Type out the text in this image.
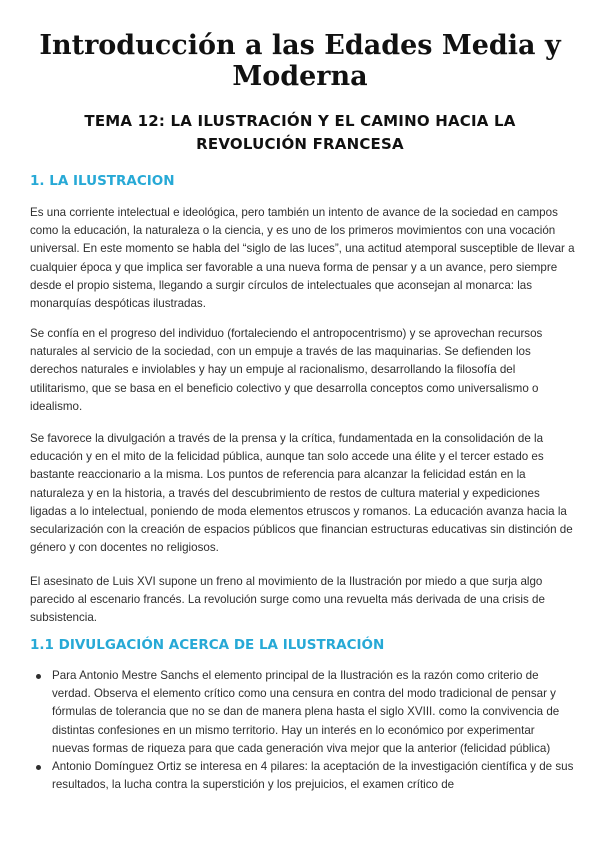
Introducción a las Edades Media y Moderna
TEMA 12: LA ILUSTRACIÓN Y EL CAMINO HACIA LA REVOLUCIÓN FRANCESA
1. LA ILUSTRACION

Es una corriente intelectual e ideológica, pero también un intento de avance de la sociedad en campos como la educación, la naturaleza o la ciencia, y es uno de los primeros movimientos con una vocación universal. En este momento se habla del “siglo de las luces”, una actitud atemporal susceptible de llevar a cualquier época y que implica ser favorable a una nueva forma de pensar y a un avance, pero siempre desde el propio sistema, llegando a surgir círculos de intelectuales que aconsejan al monarca: las monarquías despóticas ilustradas.

Se confía en el progreso del individuo (fortaleciendo el antropocentrismo) y se aprovechan recursos naturales al servicio de la sociedad, con un empuje a través de las maquinarias. Se defienden los derechos naturales e inviolables y hay un empuje al racionalismo, desarrollando la filosofía del utilitarismo, que se basa en el beneficio colectivo y que desarrolla conceptos como universalismo o idealismo.

Se favorece la divulgación a través de la prensa y la crítica, fundamentada en la consolidación de la educación y en el mito de la felicidad pública, aunque tan solo accede una élite y el tercer estado es bastante reaccionario a la misma. Los puntos de referencia para alcanzar la felicidad están en la naturaleza y en la historia, a través del descubrimiento de restos de cultura material y expediciones ligadas a lo intelectual, poniendo de moda elementos etruscos y romanos. La educación avanza hacia la secularización con la creación de espacios públicos que financian estructuras educativas sin distinción de género y con docentes no religiosos.

El asesinato de Luis XVI supone un freno al movimiento de la Ilustración por miedo a que surja algo parecido al escenario francés. La revolución surge como una revuelta más derivada de una crisis de subsistencia.

1.1 DIVULGACIÓN ACERCA DE LA ILUSTRACIÓN
Para Antonio Mestre Sanchs el elemento principal de la Ilustración es la razón como criterio de verdad. Observa el elemento crítico como una censura en contra del modo tradicional de pensar y fórmulas de tolerancia que no se dan de manera plena hasta el siglo XVIII. como la convivencia de distintas confesiones en un mismo territorio. Hay un interés en lo económico por experimentar nuevas formas de riqueza para que cada generación viva mejor que la anterior (felicidad pública)
Antonio Domínguez Ortiz se interesa en 4 pilares: la aceptación de la investigación científica y de sus resultados, la lucha contra la superstición y los prejuicios, el examen crítico de
